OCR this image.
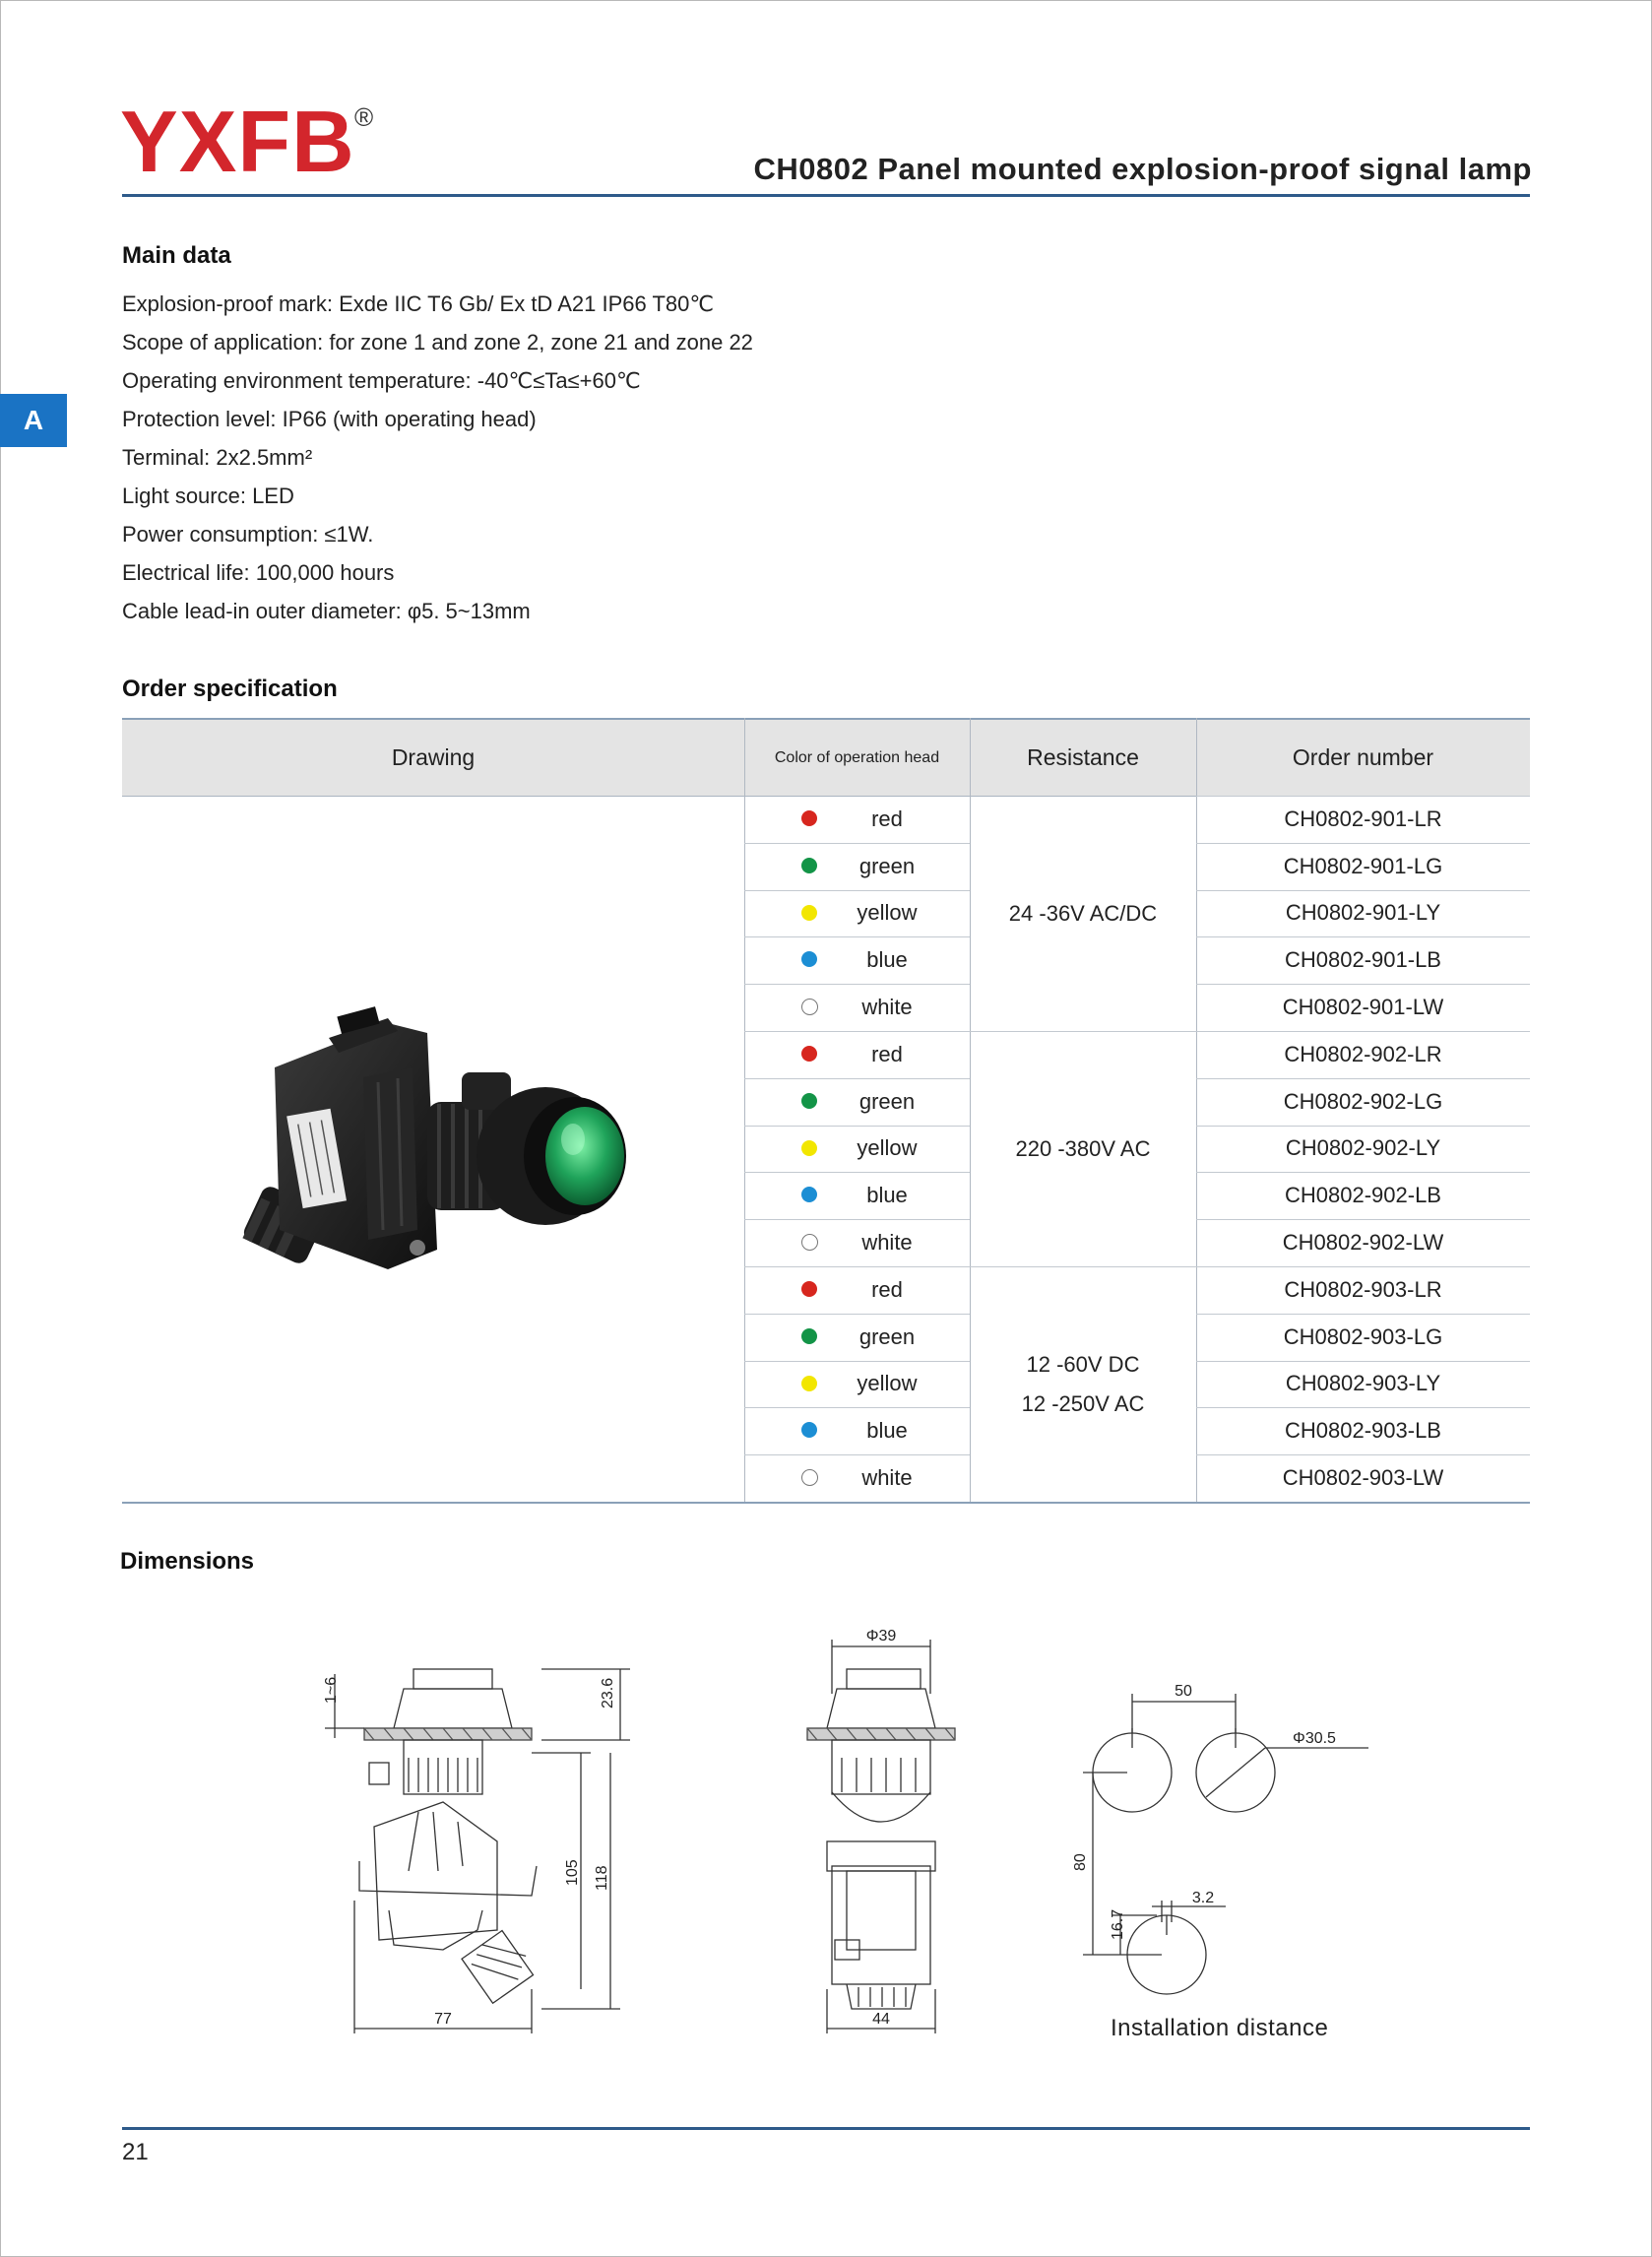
YXFB ®
CH0802 Panel mounted explosion-proof signal lamp
A
Main data
Explosion-proof mark: Exde IIC T6 Gb/ Ex tD A21 IP66 T80℃
Scope of application: for zone 1 and zone 2, zone 21 and zone 22
Operating environment temperature: -40℃≤Ta≤+60℃
Protection level: IP66 (with operating head)
Terminal: 2x2.5mm²
Light source: LED
Power consumption: ≤1W.
Electrical life: 100,000 hours
Cable lead-in outer diameter: φ5. 5~13mm
Order specification
Drawing	Color of operation head	Resistance	Order number
24 -36V AC/DC
red	CH0802-901-LR
green	CH0802-901-LG
yellow	CH0802-901-LY
blue	CH0802-901-LB
white	CH0802-901-LW
220 -380V AC
red	CH0802-902-LR
green	CH0802-902-LG
yellow	CH0802-902-LY
blue	CH0802-902-LB
white	CH0802-902-LW
12 -60V DC
12 -250V AC
red	CH0802-903-LR
green	CH0802-903-LG
yellow	CH0802-903-LY
blue	CH0802-903-LB
white	CH0802-903-LW
Dimensions
1~6	23.6
105 118
77
Φ39
44
50
Φ30.5
80
3.2
16.7
Installation distance
21
